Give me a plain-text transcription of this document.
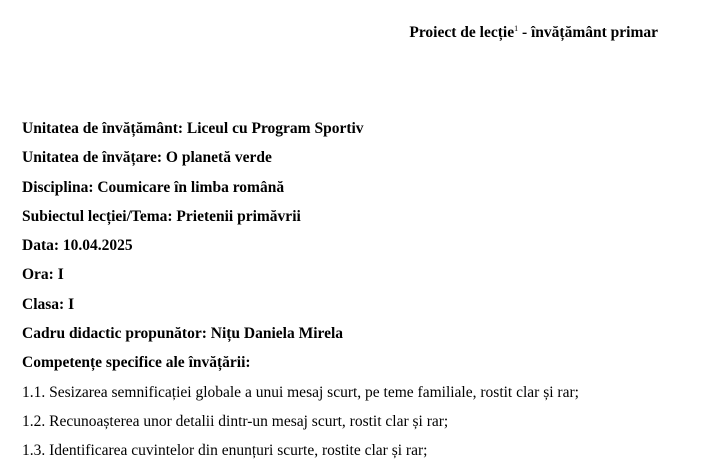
Proiect de lecție$^1$ - învățământ primar
Unitatea de învățământ: Liceul cu Program Sportiv
Unitatea de învățare: O planetă verde
Disciplina: Coumicare în limba română
Subiectul lecției/Tema: Prietenii primăvrii
Data: 10.04.2025
Ora: I
Clasa: I
Cadru didactic propunător: Nițu Daniela Mirela
Competențe specifice ale învățării:
1.1. Sesizarea semnificației globale a unui mesaj scurt, pe teme familiale, rostit clar și rar;
1.2. Recunoașterea unor detalii dintr-un mesaj scurt, rostit clar și rar;
1.3. Identificarea cuvintelor din enunțuri scurte, rostite clar și rar;
